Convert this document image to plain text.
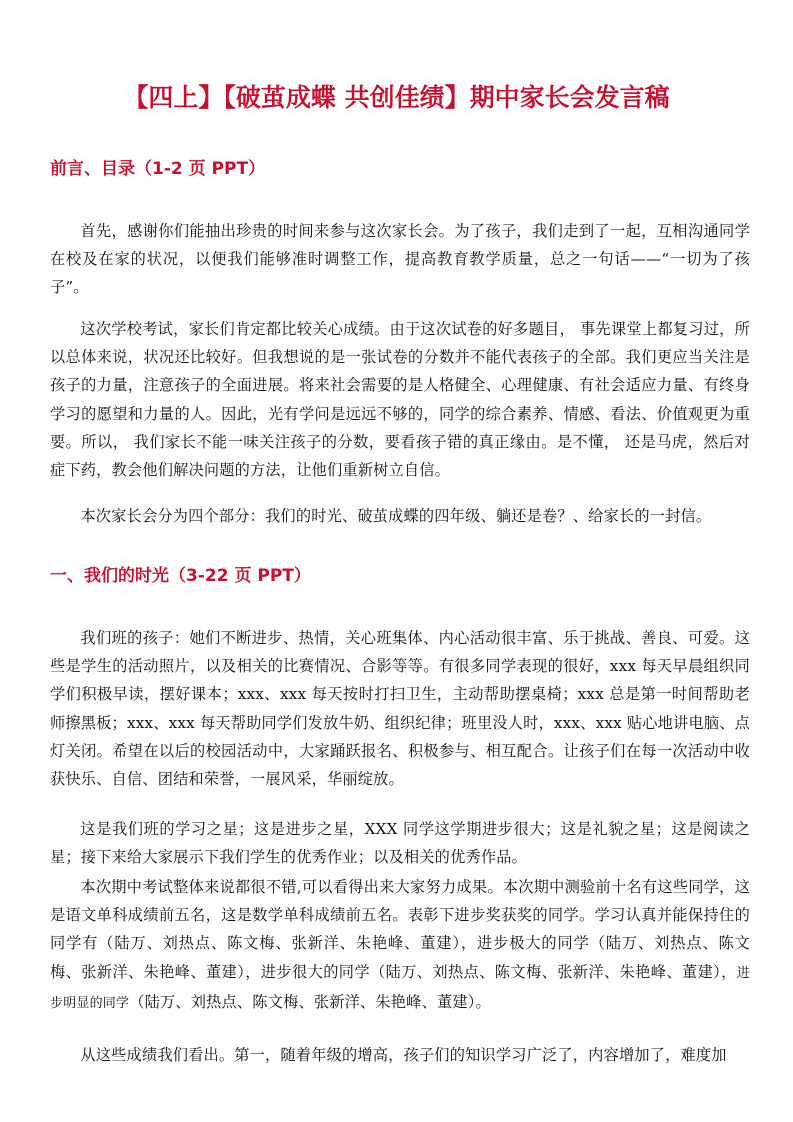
【四上】【破茧成蝶 共创佳绩】期中家长会发言稿
前言、目录（1-2 页 PPT）

首先，感谢你们能抽出珍贵的时间来参与这次家长会。为了孩子，我们走到了一起，互相沟通同学在校及在家的状况，以便我们能够准时调整工作，提高教育教学质量，总之一句话——“一切为了孩子”。

这次学校考试，家长们肯定都比较关心成绩。由于这次试卷的好多题目， 事先课堂上都复习过，所以总体来说，状况还比较好。但我想说的是一张试卷的分数并不能代表孩子的全部。我们更应当关注是孩子的力量，注意孩子的全面进展。将来社会需要的是人格健全、心理健康、有社会适应力量、有终身学习的愿望和力量的人。因此，光有学问是远远不够的，同学的综合素养、情感、看法、价值观更为重要。所以， 我们家长不能一味关注孩子的分数，要看孩子错的真正缘由。是不懂， 还是马虎，然后对症下药，教会他们解决问题的方法，让他们重新树立自信。

本次家长会分为四个部分：我们的时光、破茧成蝶的四年级、躺还是卷？、给家长的一封信。

一、我们的时光（3-22 页 PPT）

我们班的孩子：她们不断进步、热情，关心班集体、内心活动很丰富、乐于挑战、善良、可爱。这些是学生的活动照片，以及相关的比赛情况、合影等等。有很多同学表现的很好，xxx 每天早晨组织同学们积极早读，摆好课本；xxx、xxx 每天按时打扫卫生，主动帮助摆桌椅；xxx 总是第一时间帮助老师擦黑板；xxx、xxx 每天帮助同学们发放牛奶、组织纪律；班里没人时，xxx、xxx 贴心地讲电脑、点灯关闭。希望在以后的校园活动中，大家踊跃报名、积极参与、相互配合。让孩子们在每一次活动中收获快乐、自信、团结和荣誉，一展风采，华丽绽放。

这是我们班的学习之星；这是进步之星，XXX 同学这学期进步很大；这是礼貌之星；这是阅读之星；接下来给大家展示下我们学生的优秀作业；以及相关的优秀作品。

本次期中考试整体来说都很不错,可以看得出来大家努力成果。本次期中测验前十名有这些同学，这是语文单科成绩前五名，这是数学单科成绩前五名。表彰下进步奖获奖的同学。学习认真并能保持住的同学有（陆万、刘热点、陈文梅、张新洋、朱艳峰、董建），进步极大的同学（陆万、刘热点、陈文梅、张新洋、朱艳峰、董建），进步很大的同学（陆万、刘热点、陈文梅、张新洋、朱艳峰、董建），进步明显的同学（陆万、刘热点、陈文梅、张新洋、朱艳峰、董建）。

从这些成绩我们看出。第一，随着年级的增高，孩子们的知识学习广泛了，内容增加了，难度加
